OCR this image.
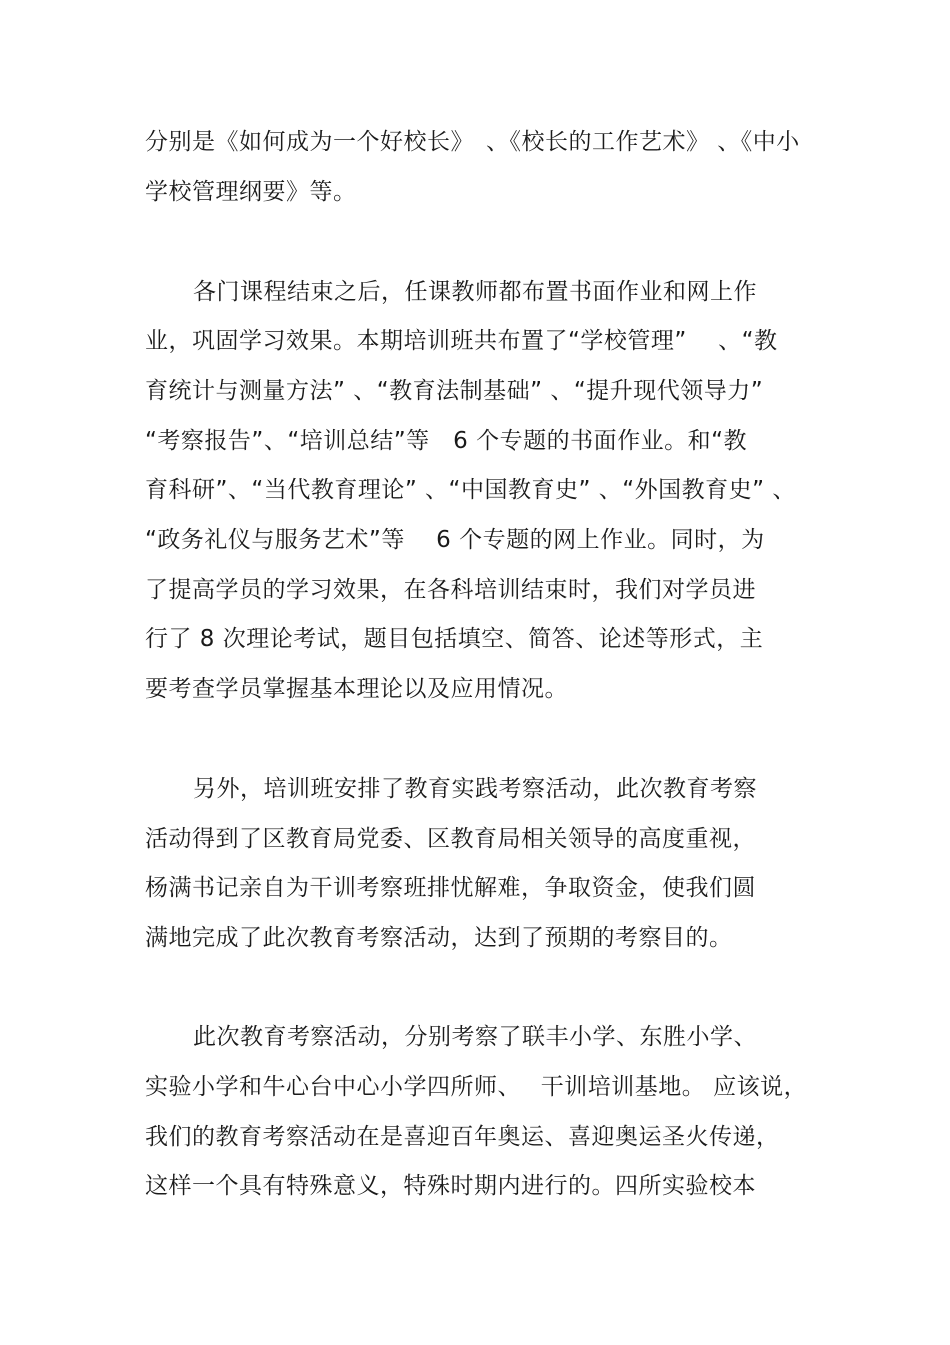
分别是《如何成为一个好校长》　、《校长的工作艺术》 、《中小
学校管理纲要》等。
各门课程结束之后，任课教师都布置书面作业和网上作
业，巩固学习效果。本期培训班共布置了“学校管理”　 、“教
育统计与测量方法” 、“教育法制基础” 、“提升现代领导力”
“考察报告”、“培训总结”等　6 个专题的书面作业。和“教
育科研”、“当代教育理论” 、“中国教育史” 、“外国教育史” 、
“政务礼仪与服务艺术”等　 6 个专题的网上作业。同时，为
了提高学员的学习效果，在各科培训结束时，我们对学员进
行了 8 次理论考试，题目包括填空、简答、论述等形式，主
要考查学员掌握基本理论以及应用情况。
另外，培训班安排了教育实践考察活动，此次教育考察
活动得到了区教育局党委、区教育局相关领导的高度重视，
杨满书记亲自为干训考察班排忧解难，争取资金，使我们圆
满地完成了此次教育考察活动，达到了预期的考察目的。
此次教育考察活动，分别考察了联丰小学、东胜小学、
实验小学和牛心台中心小学四所师、　 干训培训基地。 应该说，
我们的教育考察活动在是喜迎百年奥运、喜迎奥运圣火传递，
这样一个具有特殊意义，特殊时期内进行的。四所实验校本
